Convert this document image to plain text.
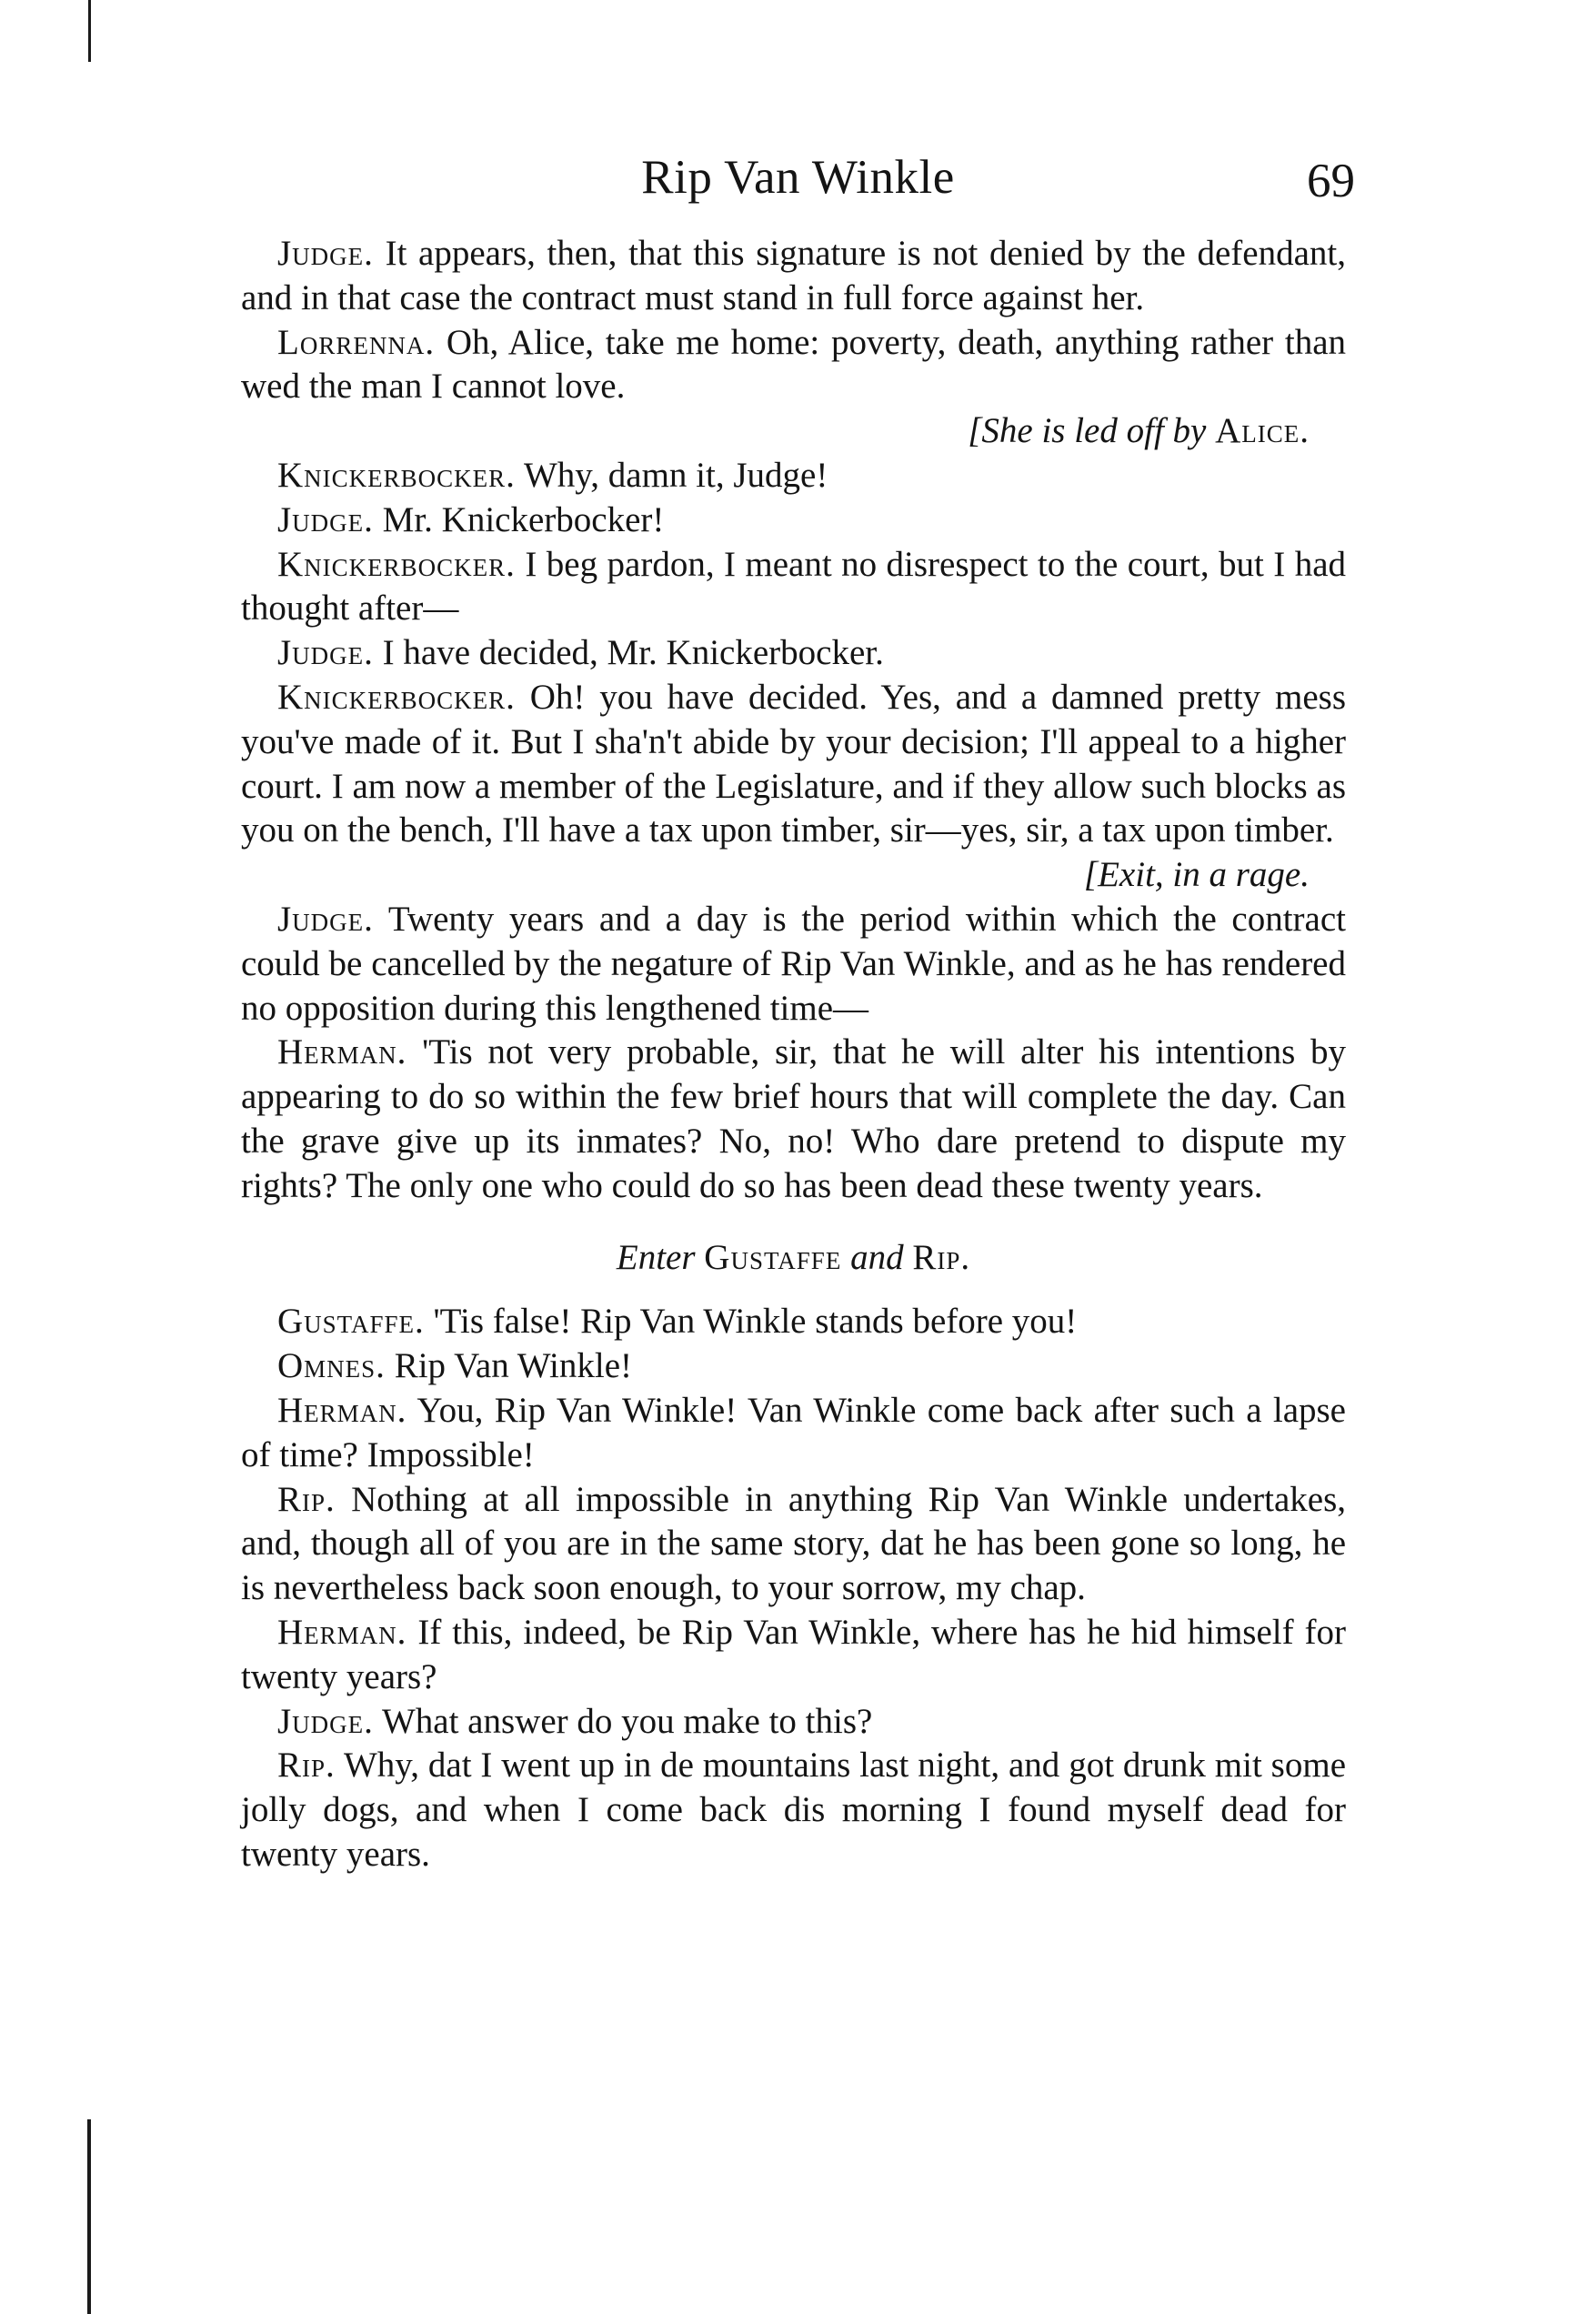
Rip Van Winkle	69

Judge. It appears, then, that this signature is not denied by the defendant, and in that case the contract must stand in full force against her.

Lorrenna. Oh, Alice, take me home: poverty, death, anything rather than wed the man I cannot love.

[She is led off by Alice.

Knickerbocker. Why, damn it, Judge!

Judge. Mr. Knickerbocker!

Knickerbocker. I beg pardon, I meant no disrespect to the court, but I had thought after—

Judge. I have decided, Mr. Knickerbocker.

Knickerbocker. Oh! you have decided. Yes, and a damned pretty mess you've made of it. But I sha'n't abide by your decision; I'll appeal to a higher court. I am now a member of the Legislature, and if they allow such blocks as you on the bench, I'll have a tax upon timber, sir—yes, sir, a tax upon timber.

[Exit, in a rage.

Judge. Twenty years and a day is the period within which the contract could be cancelled by the negature of Rip Van Winkle, and as he has rendered no opposition during this lengthened time—

Herman. 'Tis not very probable, sir, that he will alter his intentions by appearing to do so within the few brief hours that will complete the day. Can the grave give up its inmates? No, no! Who dare pretend to dispute my rights? The only one who could do so has been dead these twenty years.

Enter Gustaffe and Rip.

Gustaffe. 'Tis false! Rip Van Winkle stands before you!

Omnes. Rip Van Winkle!

Herman. You, Rip Van Winkle! Van Winkle come back after such a lapse of time? Impossible!

Rip. Nothing at all impossible in anything Rip Van Winkle undertakes, and, though all of you are in the same story, dat he has been gone so long, he is nevertheless back soon enough, to your sorrow, my chap.

Herman. If this, indeed, be Rip Van Winkle, where has he hid himself for twenty years?

Judge. What answer do you make to this?

Rip. Why, dat I went up in de mountains last night, and got drunk mit some jolly dogs, and when I come back dis morning I found myself dead for twenty years.
